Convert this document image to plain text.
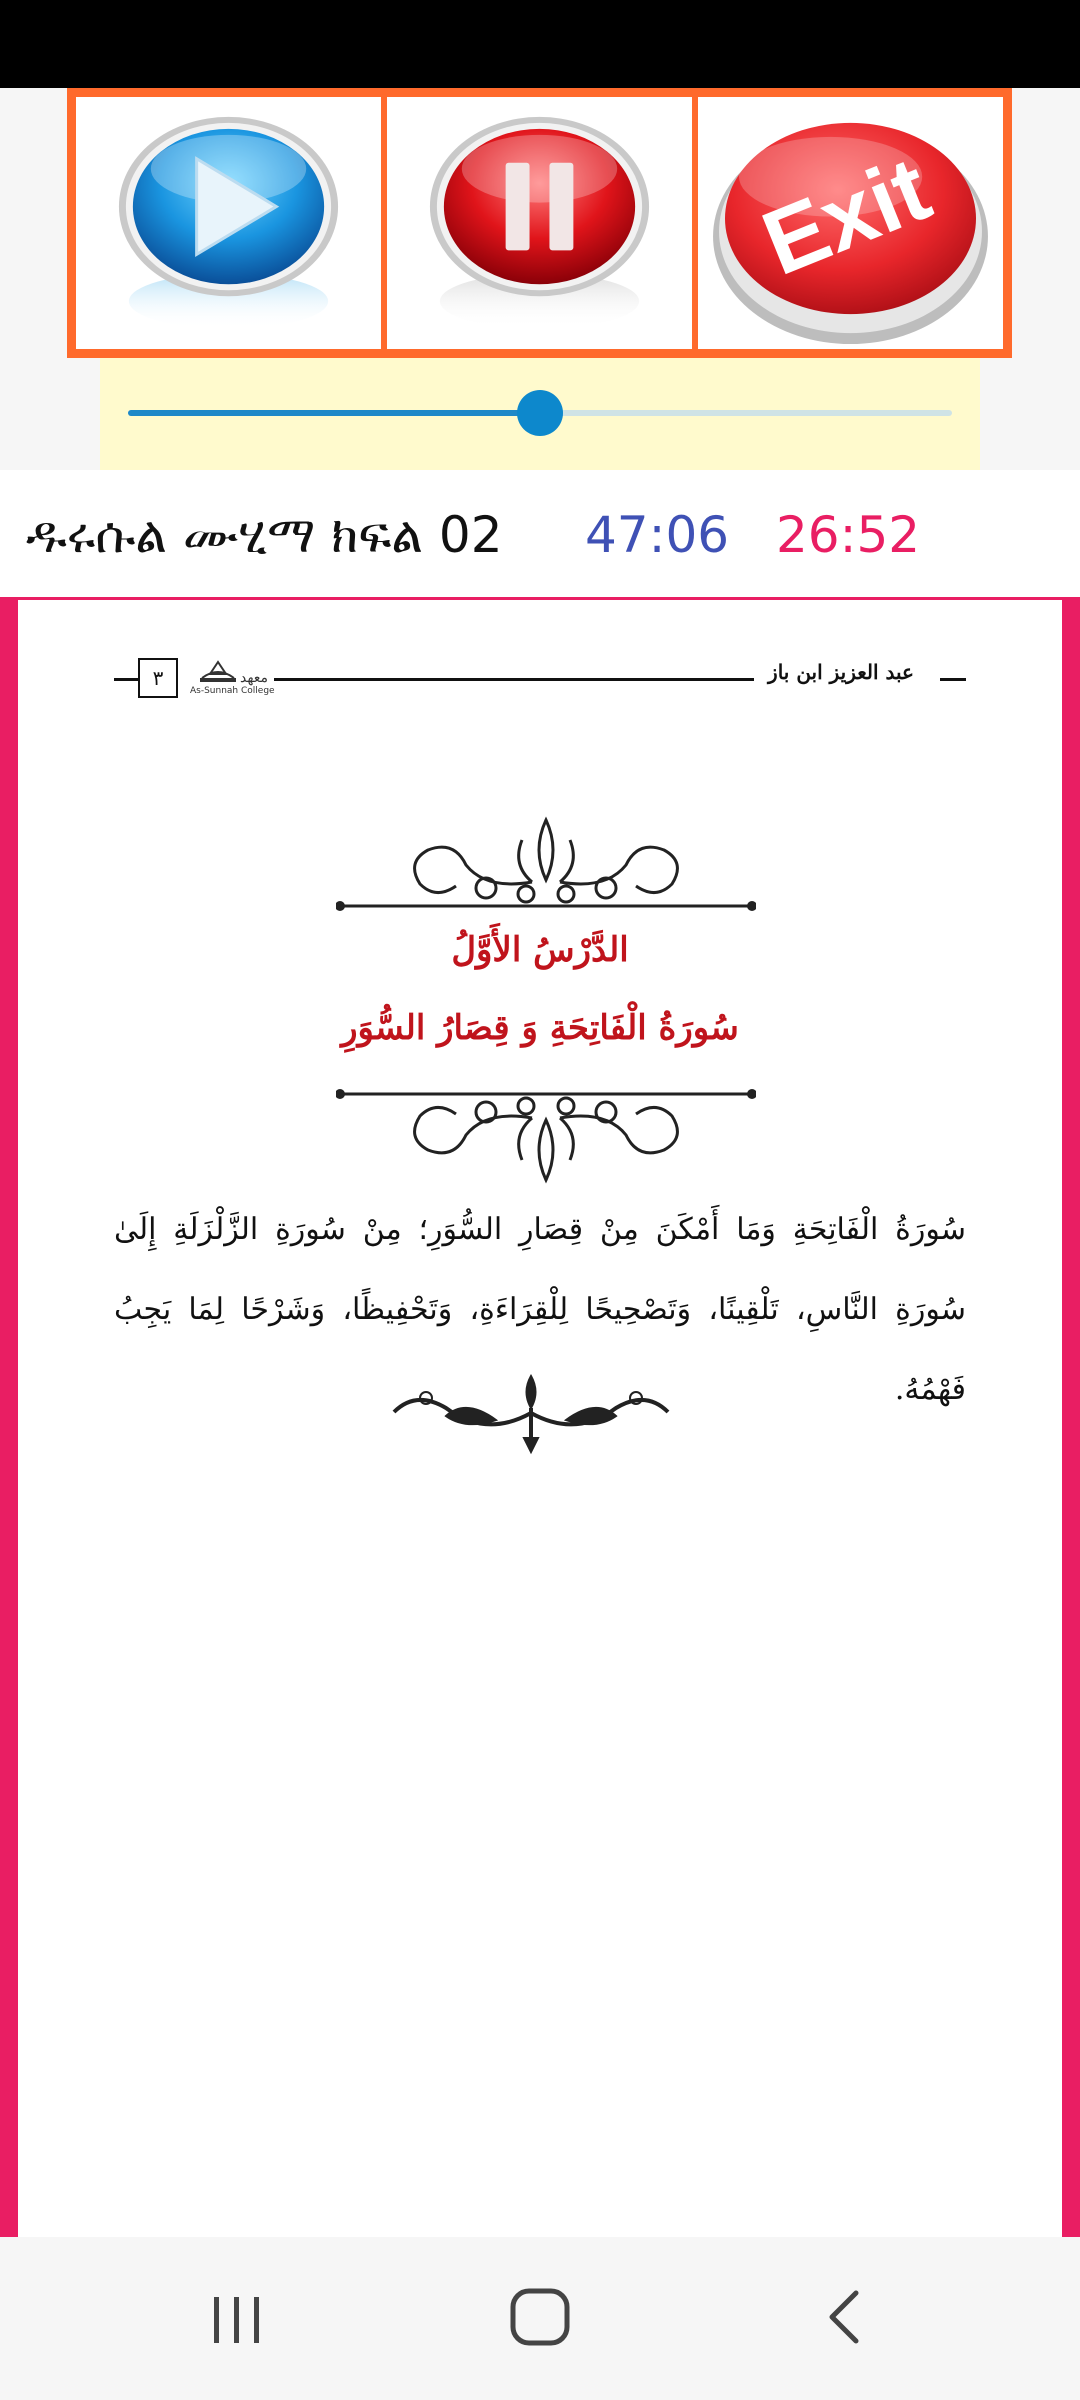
Exit
ዱሩሱል ሙሂማ ክፍል 02 47:06 26:52
٣	معهد
As-Sunnah College
عبد العزيز ابن باز
الدَّرْسُ الأَوَّلُ
سُورَةُ الْفَاتِحَةِ وَ قِصَارُ السُّوَرِ
سُورَةُ الْفَاتِحَةِ وَمَا أَمْكَنَ مِنْ قِصَارِ السُّوَرِ؛ مِنْ سُورَةِ الزَّلْزَلَةِ إِلَىٰ سُورَةِ النَّاسِ، تَلْقِينًا، وَتَصْحِيحًا لِلْقِرَاءَةِ، وَتَحْفِيظًا، وَشَرْحًا لِمَا يَجِبُ فَهْمُهُ.
